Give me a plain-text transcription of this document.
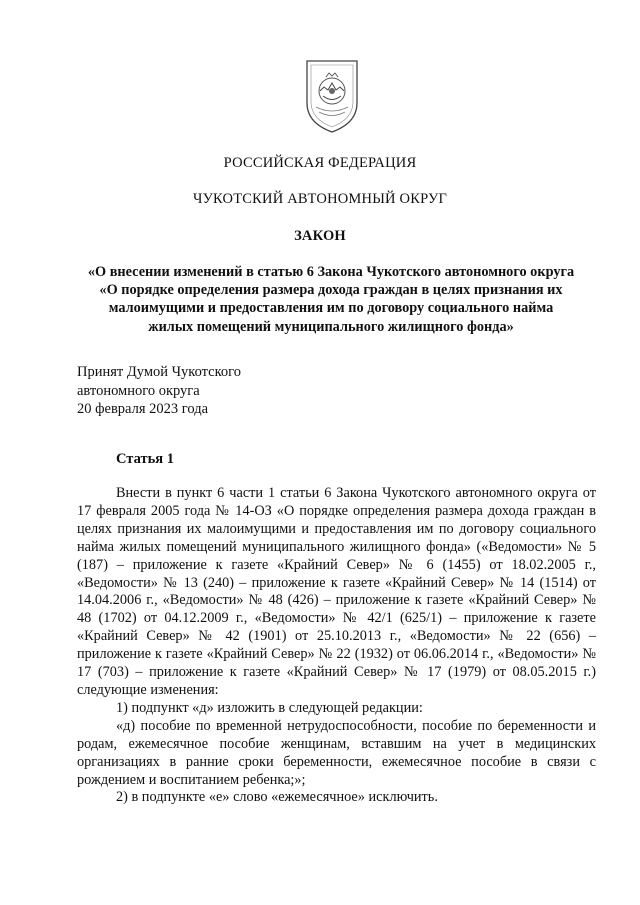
РОССИЙСКАЯ ФЕДЕРАЦИЯ
ЧУКОТСКИЙ АВТОНОМНЫЙ ОКРУГ
ЗАКОН
«О внесении изменений в статью 6 Закона Чукотского автономного округа
«О порядке определения размера дохода граждан в целях признания их
малоимущими и предоставления им по договору социального найма
жилых помещений муниципального жилищного фонда»
Принят Думой Чукотского
автономного округа
20 февраля 2023 года
Статья 1

Внести в пункт 6 части 1 статьи 6 Закона Чукотского автономного округа от 17 февраля 2005 года № 14-ОЗ «О порядке определения размера дохода граждан в целях признания их малоимущими и предоставления им по договору социального найма жилых помещений муниципального жилищного фонда» («Ведомости» № 5 (187) – приложение к газете «Крайний Север» № 6 (1455) от 18.02.2005 г., «Ведомости» № 13 (240) – приложение к газете «Крайний Север» № 14 (1514) от 14.04.2006 г., «Ведомости» № 48 (426) – приложение к газете «Крайний Север» № 48 (1702) от 04.12.2009 г., «Ведомости» № 42/1 (625/1) – приложение к газете «Крайний Север» № 42 (1901) от 25.10.2013 г., «Ведомости» № 22 (656) – приложение к газете «Крайний Север» № 22 (1932) от 06.06.2014 г., «Ведомости» № 17 (703) – приложение к газете «Крайний Север» № 17 (1979) от 08.05.2015 г.) следующие изменения:

1) подпункт «д» изложить в следующей редакции:

«д) пособие по временной нетрудоспособности, пособие по беременности и родам, ежемесячное пособие женщинам, вставшим на учет в медицинских организациях в ранние сроки беременности, ежемесячное пособие в связи с рождением и воспитанием ребенка;»;

2) в подпункте «е» слово «ежемесячное» исключить.
